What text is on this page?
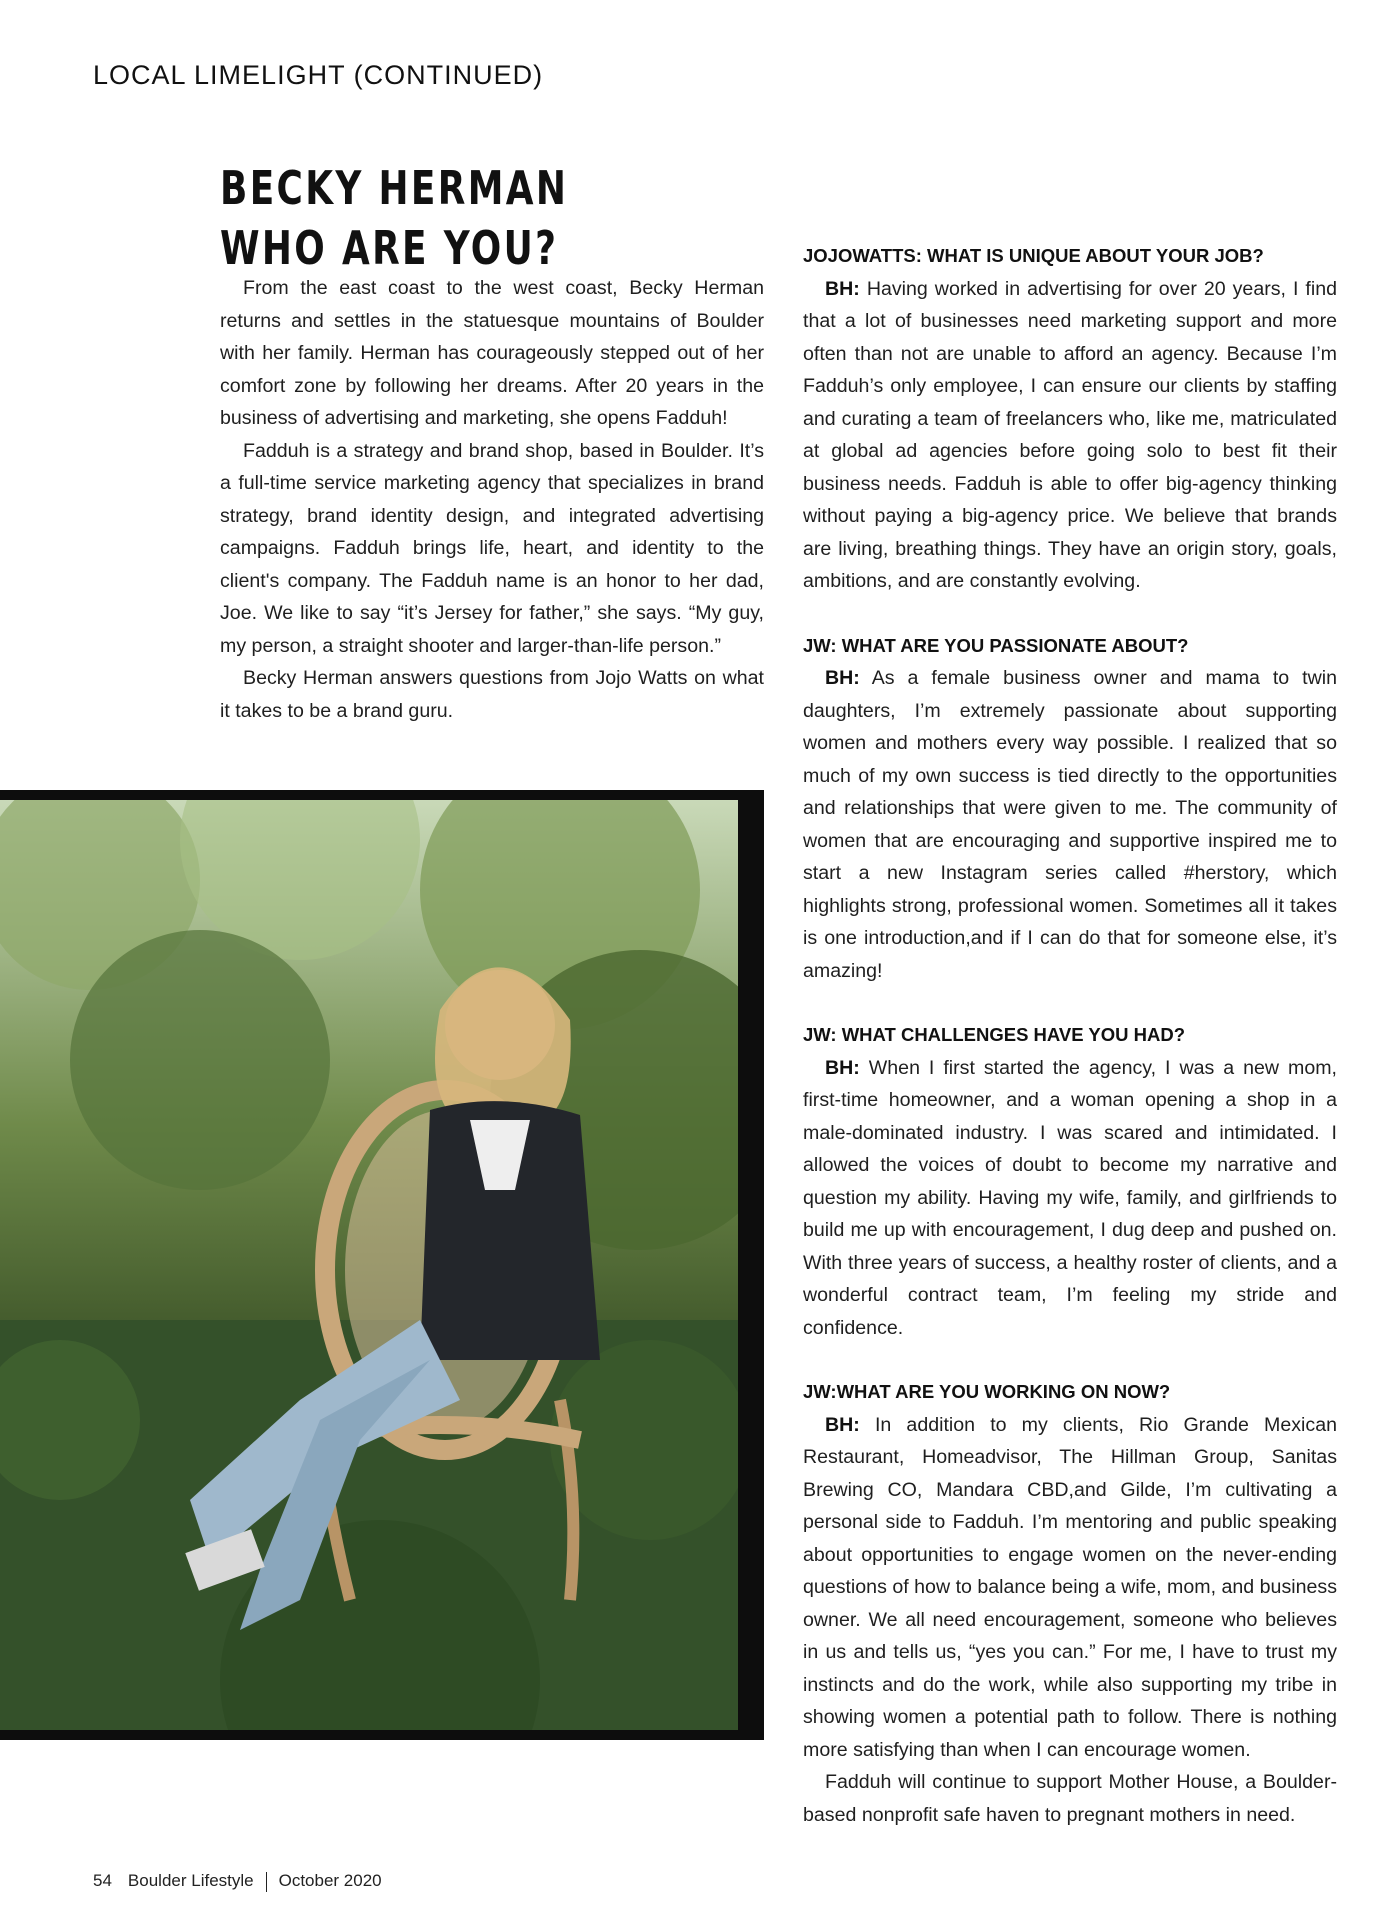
LOCAL LIMELIGHT (CONTINUED)
BECKY HERMAN
WHO ARE YOU?

From the east coast to the west coast, Becky Herman returns and settles in the statuesque mountains of Boulder with her family. Herman has courageously stepped out of her comfort zone by following her dreams. After 20 years in the business of advertising and marketing, she opens Fadduh!

Fadduh is a strategy and brand shop, based in Boulder. It’s a full-time service marketing agency that specializes in brand strategy, brand identity design, and integrated advertising campaigns. Fadduh brings life, heart, and identity to the client's company. The Fadduh name is an honor to her dad, Joe. We like to say “it’s Jersey for father,” she says. “My guy, my person, a straight shooter and larger-than-life person.”

Becky Herman answers questions from Jojo Watts on what it takes to be a brand guru.

JOJOWATTS: WHAT IS UNIQUE ABOUT YOUR JOB?

BH: Having worked in advertising for over 20 years, I find that a lot of businesses need marketing support and more often than not are unable to afford an agency. Because I’m Fadduh’s only employee, I can ensure our clients by staffing and curating a team of freelancers who, like me, matriculated at global ad agencies before going solo to best fit their business needs. Fadduh is able to offer big-agency thinking without paying a big-agency price. We believe that brands are living, breathing things. They have an origin story, goals, ambitions, and are constantly evolving.

JW: WHAT ARE YOU PASSIONATE ABOUT?

BH: As a female business owner and mama to twin daughters, I’m extremely passionate about supporting women and mothers every way possible. I realized that so much of my own success is tied directly to the opportunities and relationships that were given to me. The community of women that are encouraging and supportive inspired me to start a new Instagram series called #herstory, which highlights strong, professional women. Sometimes all it takes is one introduction,and if I can do that for someone else, it’s amazing!

JW: WHAT CHALLENGES HAVE YOU HAD?

BH: When I first started the agency, I was a new mom, first-time homeowner, and a woman opening a shop in a male-dominated industry. I was scared and intimidated. I allowed the voices of doubt to become my narrative and question my ability. Having my wife, family, and girlfriends to build me up with encouragement, I dug deep and pushed on. With three years of success, a healthy roster of clients, and a wonderful contract team, I’m feeling my stride and confidence.

JW:WHAT ARE YOU WORKING ON NOW?

BH: In addition to my clients, Rio Grande Mexican Restaurant, Homeadvisor, The Hillman Group, Sanitas Brewing CO, Mandara CBD,and Gilde, I’m cultivating a personal side to Fadduh. I’m mentoring and public speaking about opportunities to engage women on the never-ending questions of how to balance being a wife, mom, and business owner. We all need encouragement, someone who believes in us and tells us, “yes you can.” For me, I have to trust my instincts and do the work, while also supporting my tribe in showing women a potential path to follow. There is nothing more satisfying than when I can encourage women.

Fadduh will continue to support Mother House, a Boulder-based nonprofit safe haven to pregnant mothers in need.

54 Boulder Lifestyle October 2020
